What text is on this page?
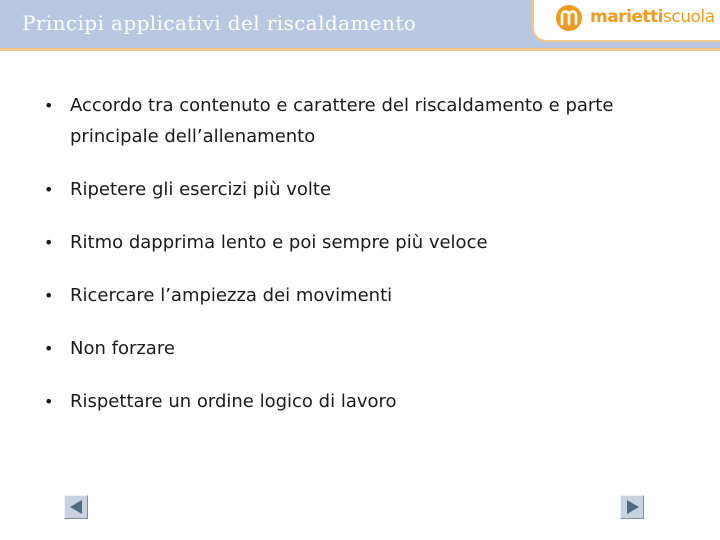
Principi applicativi del riscaldamento	mariettiscuola
• Accordo tra contenuto e carattere del riscaldamento e parte principale dell’allenamento
• Ripetere gli esercizi più volte
• Ritmo dapprima lento e poi sempre più veloce
• Ricercare l’ampiezza dei movimenti
• Non forzare
• Rispettare un ordine logico di lavoro
